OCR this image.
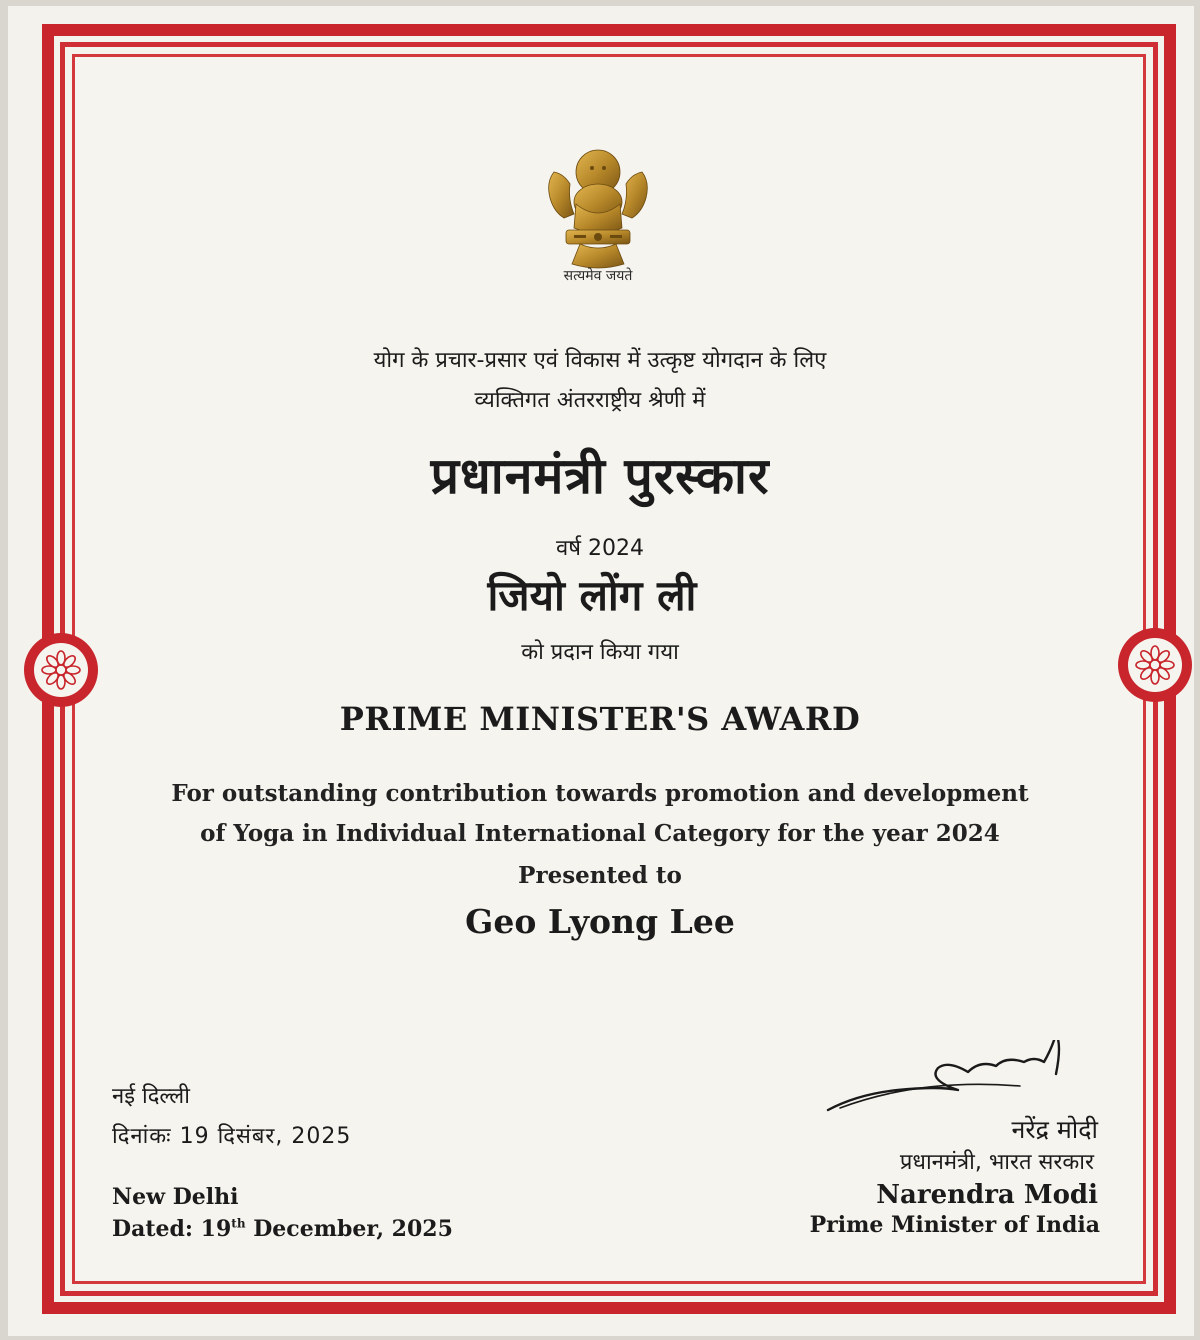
सत्यमेव जयते
योग के प्रचार-प्रसार एवं विकास में उत्कृष्ट योगदान के लिए
व्यक्तिगत अंतरराष्ट्रीय श्रेणी में
प्रधानमंत्री पुरस्कार
वर्ष 2024
जियो लोंग ली
को प्रदान किया गया
PRIME MINISTER'S AWARD
For outstanding contribution towards promotion and development
of Yoga in Individual International Category for the year 2024
Presented to
Geo Lyong Lee
नई दिल्ली
दिनांकः 19 दिसंबर, 2025
New Delhi
Dated: 19th December, 2025
नरेंद्र मोदी
प्रधानमंत्री, भारत सरकार
Narendra Modi
Prime Minister of India
